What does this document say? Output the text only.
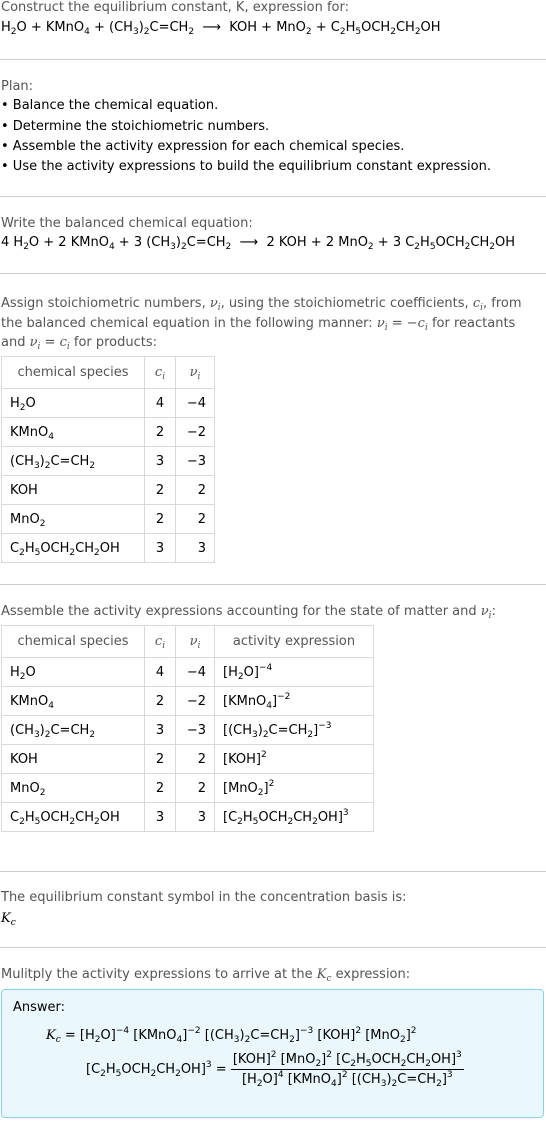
Construct the equilibrium constant, K, expression for:
$H_2O$ + KMnO$_4$ + $(CH_3)_2C=CH_2$  ⟶  KOH + $MnO_2 + C_2H_5OCH_2CH_2OH$
Plan:
• Balance the chemical equation.
• Determine the stoichiometric numbers.
• Assemble the activity expression for each chemical species.
• Use the activity expressions to build the equilibrium constant expression.
Write the balanced chemical equation:
4 $H_2O + 2$ KMnO$_4$ + 3 $(CH_3)_2C=CH_2$  ⟶  2 KOH + 2 MnO$_2$ + 3 $C_2H_5OCH_2CH_2OH$
Assign stoichiometric numbers, $\nu_i$, using the stoichiometric coefficients, $c_i$, from
the balanced chemical equation in the following manner: $\nu_i = -c_i$ for reactants
and $\nu_i = c_i$ for products:
chemical species	$c_i$	$\nu_i$
$H_2O$	4	−4
KMnO$_4$	2	−2
$(CH_3)_2C=CH_2$	3	−3
KOH	2	2
MnO$_2$	2	2
$C_2H_5OCH_2CH_2OH$	3	3
Assemble the activity expressions accounting for the state of matter and $\nu_i$:
chemical species	$c_i$	$\nu_i$	activity expression
$H_2O$	4	−4	$[H_2O]^{-4}$
KMnO$_4$	2	−2	[KMnO$_4$]$^{-2}$
$(CH_3)_2C=CH_2$	3	−3	$[(CH_3)_2C=CH_2]^{-3}$
KOH	2	2	[KOH]$^2$
MnO$_2$	2	2	$[MnO_2]^2$
$C_2H_5OCH_2CH_2OH$	3	3	$[C_2H_5OCH_2CH_2OH]^3$
The equilibrium constant symbol in the concentration basis is:
$K_c$
Mulitply the activity expressions to arrive at the $K_c$ expression:
Answer:
$K_c = [H_2O]^{-4}$ [KMnO$_4$]$^{-2}$ $[(CH_3)_2C=CH_2]^{-3}$ [KOH]$^2$ $[MnO_2]^2$
$[C_2H_5OCH_2CH_2OH]^3 = \frac{[KOH]^2 [MnO_2]^2 [C_2H_5OCH_2CH_2OH]^3}{[H_2O]^4 [KMnO_4]^2 [(CH_3)_2C=CH_2]^3}$
